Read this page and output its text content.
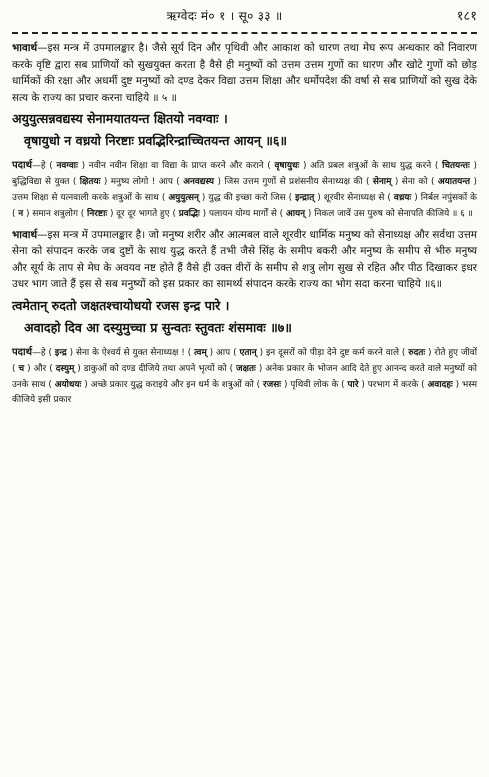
ऋग्वेदः मं० १ । सू० ३३ ॥	१८१
भावार्थ—इस मन्त्र में उपमालङ्कार है। जैसे सूर्य दिन और पृथिवी और आकाश को धारण तथा मेघ रूप अन्धकार को निवारण करके वृष्टि द्वारा सब प्राणियों को सुखयुक्त करता है वैसे ही मनुष्यों को उत्तम उत्तम गुणों का धारण और खोटे गुणों को छोड़ धार्मिकों की रक्षा और अधर्मी दुष्ट मनुष्यों को दण्ड देकर विद्या उत्तम शिक्षा और धर्मोपदेश की वर्षा से सब प्राणियों को सुख देके सत्य के राज्य का प्रचार करना चाहिये ॥ ५ ॥
अयुयुत्सन्नवद्यस्य सेनामयातयन्त क्षितयो नवग्वाः ।
वृषायुधो न वध्रयो निरष्टाः प्रवद्भिरिन्द्राच्चितयन्त आयन् ॥६॥
पदार्थ—हे ( नवग्वाः ) नवीन नवीन शिक्षा वा विद्या के प्राप्त करने और कराने ( वृषायुधः ) अति प्रबल शत्रुओं के साथ युद्ध करने ( चितयन्तः ) बुद्धिविद्या से युक्त ( क्षितयः ) मनुष्य लोगो ! आप ( अनवद्यस्य ) जिस उत्तम गुणों से प्रशंसनीय सेनाध्यक्ष की ( सेनाम् ) सेना को ( अयातयन्त ) उत्तम शिक्षा से यत्नवाली करके शत्रुओं के साथ ( अयुयुत्सन् ) युद्ध की इच्छा करो जिस ( इन्द्रात् ) शूरवीर सेनाध्यक्ष से ( वध्रयः ) निर्बल नपुंसकों के ( न ) समान शत्रुलोग ( निरष्टाः ) दूर दूर भागते हुए ( प्रवद्भिः ) पलायन योग्य मार्गों से ( आयन् ) निकल जावें उस पुरुष को सेनापति कीजिये ॥ ६ ॥
भावार्थ—इस मन्त्र में उपमालङ्कार है। जो मनुष्य शरीर और आत्मबल वाले शूरवीर धार्मिक मनुष्य को सेनाध्यक्ष और सर्वथा उत्तम सेना को संपादन करके जब दुष्टों के साथ युद्ध करते हैं तभी जैसे सिंह के समीप बकरी और मनुष्य के समीप से भीरु मनुष्य और सूर्य के ताप से मेघ के अवयव नष्ट होते हैं वैसे ही उक्त वीरों के समीप से शत्रु लोग सुख से रहित और पीठ दिखाकर इधर उधर भाग जाते हैं इस से सब मनुष्यों को इस प्रकार का सामर्थ्य संपादन करके राज्य का भोग सदा करना चाहिये ॥६॥
त्वमेतान् रुदतो जक्षतश्चायोधयो रजस इन्द्र पारे ।
अवादहो दिव आ दस्युमुच्चा प्र सुन्वतः स्तुवतः शंसमावः ॥७॥
पदार्थ—हे ( इन्द्र ) सेना के ऐश्वर्य से युक्त सेनाध्यक्ष ! ( त्वम् ) आप ( एतान् ) इन दूसरों को पीड़ा देने दुष्ट कर्म करने वाले ( रुदतः ) रोते हुए जीवों ( च ) और ( दस्युम् ) डाकुओं को दण्ड दीजिये तथा अपने भृत्यों को ( जक्षतः ) अनेक प्रकार के भोजन आदि देते हुए आनन्द करते वाले मनुष्यों को उनके साथ ( अयोधयः ) अच्छे प्रकार युद्ध कराइये और इन धर्म के शत्रुओं को ( रजसः ) पृथिवी लोक के ( पारे ) परभाग में करके ( अवादहः ) भस्म कीजिये इसी प्रकार
